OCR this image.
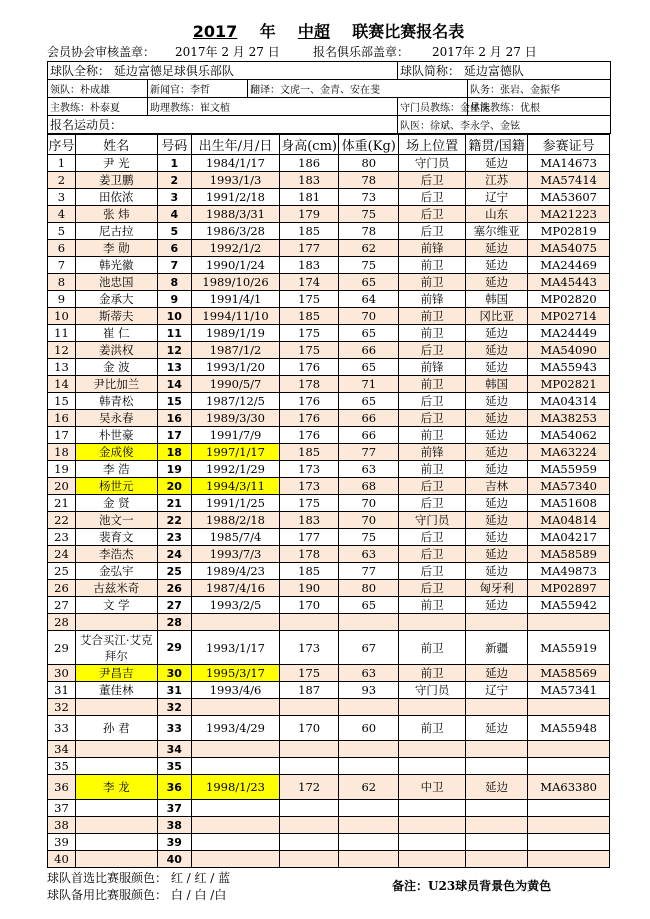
2017 年 中超 联赛比赛报名表
会员协会审核盖章： 2017年 2 月 27 日	报名俱乐部盖章： 2017年 2 月 27 日
球队全称： 延边富德足球俱乐部队			球队简称： 延边富德队	
领队：朴成雄	新闻官：李哲	翻译：文虎一、金青、安在斐		队务：张岩、金振华
主教练：朴泰夏	助理教练：崔文植		守门员教练：金星洙	体能教练：优根
报名运动员：			队医：徐斌、李永学、金铉	
序号	姓名	号码	出生年/月/日	身高(cm)	体重(Kg)	场上位置	籍贯/国籍	参赛证号
1	尹 光	1	1984/1/17	186	80	守门员	延边	MA14673
2	姜卫鹏	2	1993/1/3	183	78	后卫	江苏	MA57414
3	田依浓	3	1991/2/18	181	73	后卫	辽宁	MA53607
4	张 炜	4	1988/3/31	179	75	后卫	山东	MA21223
5	尼古拉	5	1986/3/28	185	78	后卫	塞尔维亚	MP02819
6	李 勋	6	1992/1/2	177	62	前锋	延边	MA54075
7	韩光徽	7	1990/1/24	183	75	前卫	延边	MA24469
8	池忠国	8	1989/10/26	174	65	前卫	延边	MA45443
9	金承大	9	1991/4/1	175	64	前锋	韩国	MP02820
10	斯蒂夫	10	1994/11/10	185	70	前卫	冈比亚	MP02714
11	崔 仁	11	1989/1/19	175	65	前卫	延边	MA24449
12	姜洪权	12	1987/1/2	175	66	后卫	延边	MA54090
13	金 波	13	1993/1/20	176	65	前锋	延边	MA55943
14	尹比加兰	14	1990/5/7	178	71	前卫	韩国	MP02821
15	韩青松	15	1987/12/5	176	65	后卫	延边	MA04314
16	吴永春	16	1989/3/30	176	66	后卫	延边	MA38253
17	朴世豪	17	1991/7/9	176	66	前卫	延边	MA54062
18	金成俊	18	1997/1/17	185	77	前锋	延边	MA63224
19	李 浩	19	1992/1/29	173	63	前卫	延边	MA55959
20	杨世元	20	1994/3/11	173	68	后卫	吉林	MA57340
21	金 贤	21	1991/1/25	175	70	后卫	延边	MA51608
22	池文一	22	1988/2/18	183	70	守门员	延边	MA04814
23	裴育文	23	1985/7/4	177	75	后卫	延边	MA04217
24	李浩杰	24	1993/7/3	178	63	后卫	延边	MA58589
25	金弘宇	25	1989/4/23	185	77	后卫	延边	MA49873
26	古兹米奇	26	1987/4/16	190	80	后卫	匈牙利	MP02897
27	文 学	27	1993/2/5	170	65	前卫	延边	MA55942
28		28						
29	艾合买江·艾克拜尔	29	1993/1/17	173	67	前卫	新疆	MA55919
30	尹昌吉	30	1995/3/17	175	63	前卫	延边	MA58569
31	董佳林	31	1993/4/6	187	93	守门员	辽宁	MA57341
32		32						
33	孙 君	33	1993/4/29	170	60	前卫	延边	MA55948
34		34						
35		35						
36	李 龙	36	1998/1/23	172	62	中卫	延边	MA63380
37		37						
38		38						
39		39						
40		40						
球队首选比赛服颜色： 红 / 红 / 蓝
球队备用比赛服颜色： 白 / 白 /白
备注：U23球员背景色为黄色
